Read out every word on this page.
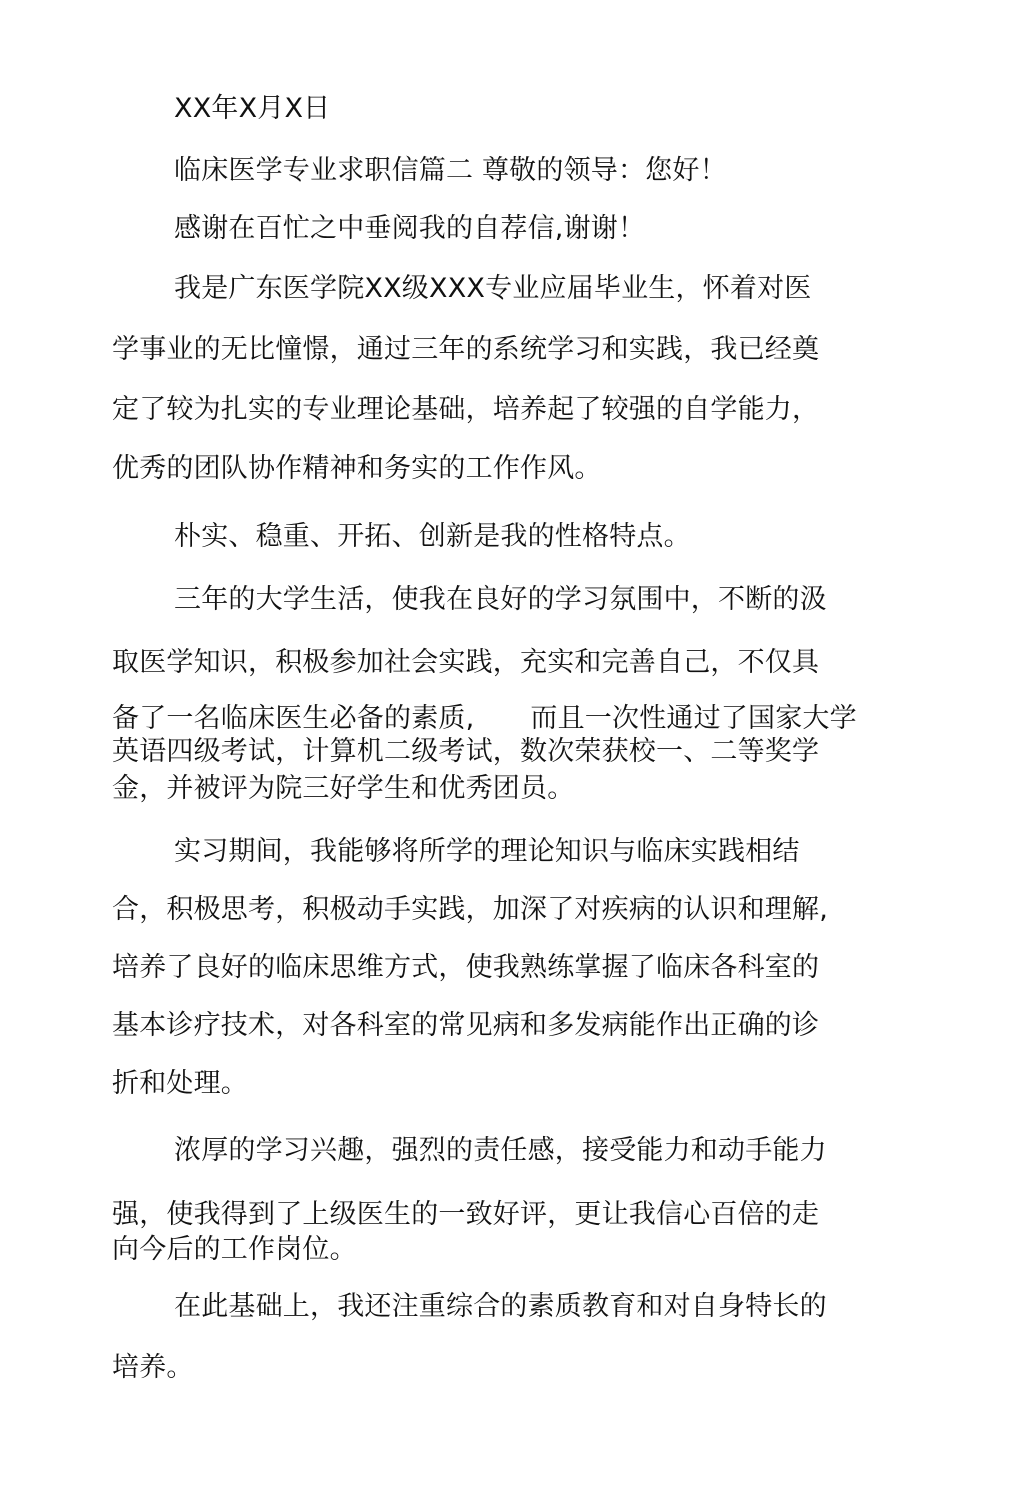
XX年X月X日
临床医学专业求职信篇二 尊敬的领导：您好！
感谢在百忙之中垂阅我的自荐信,谢谢！
我是广东医学院XX级XXX专业应届毕业生，怀着对医
学事业的无比憧憬，通过三年的系统学习和实践，我已经奠
定了较为扎实的专业理论基础，培养起了较强的自学能力，
优秀的团队协作精神和务实的工作作风。
朴实、稳重、开拓、创新是我的性格特点。
三年的大学生活，使我在良好的学习氛围中，不断的汲
取医学知识，积极参加社会实践，充实和完善自己，不仅具
备了一名临床医生必备的素质, 而且一次性通过了国家大学
英语四级考试，计算机二级考试，数次荣获校一、二等奖学
金，并被评为院三好学生和优秀团员。
实习期间，我能够将所学的理论知识与临床实践相结
合，积极思考，积极动手实践，加深了对疾病的认识和理解,
培养了良好的临床思维方式，使我熟练掌握了临床各科室的
基本诊疗技术，对各科室的常见病和多发病能作出正确的诊
折和处理。
浓厚的学习兴趣，强烈的责任感，接受能力和动手能力
强，使我得到了上级医生的一致好评，更让我信心百倍的走
向今后的工作岗位。
在此基础上，我还注重综合的素质教育和对自身特长的
培养。
